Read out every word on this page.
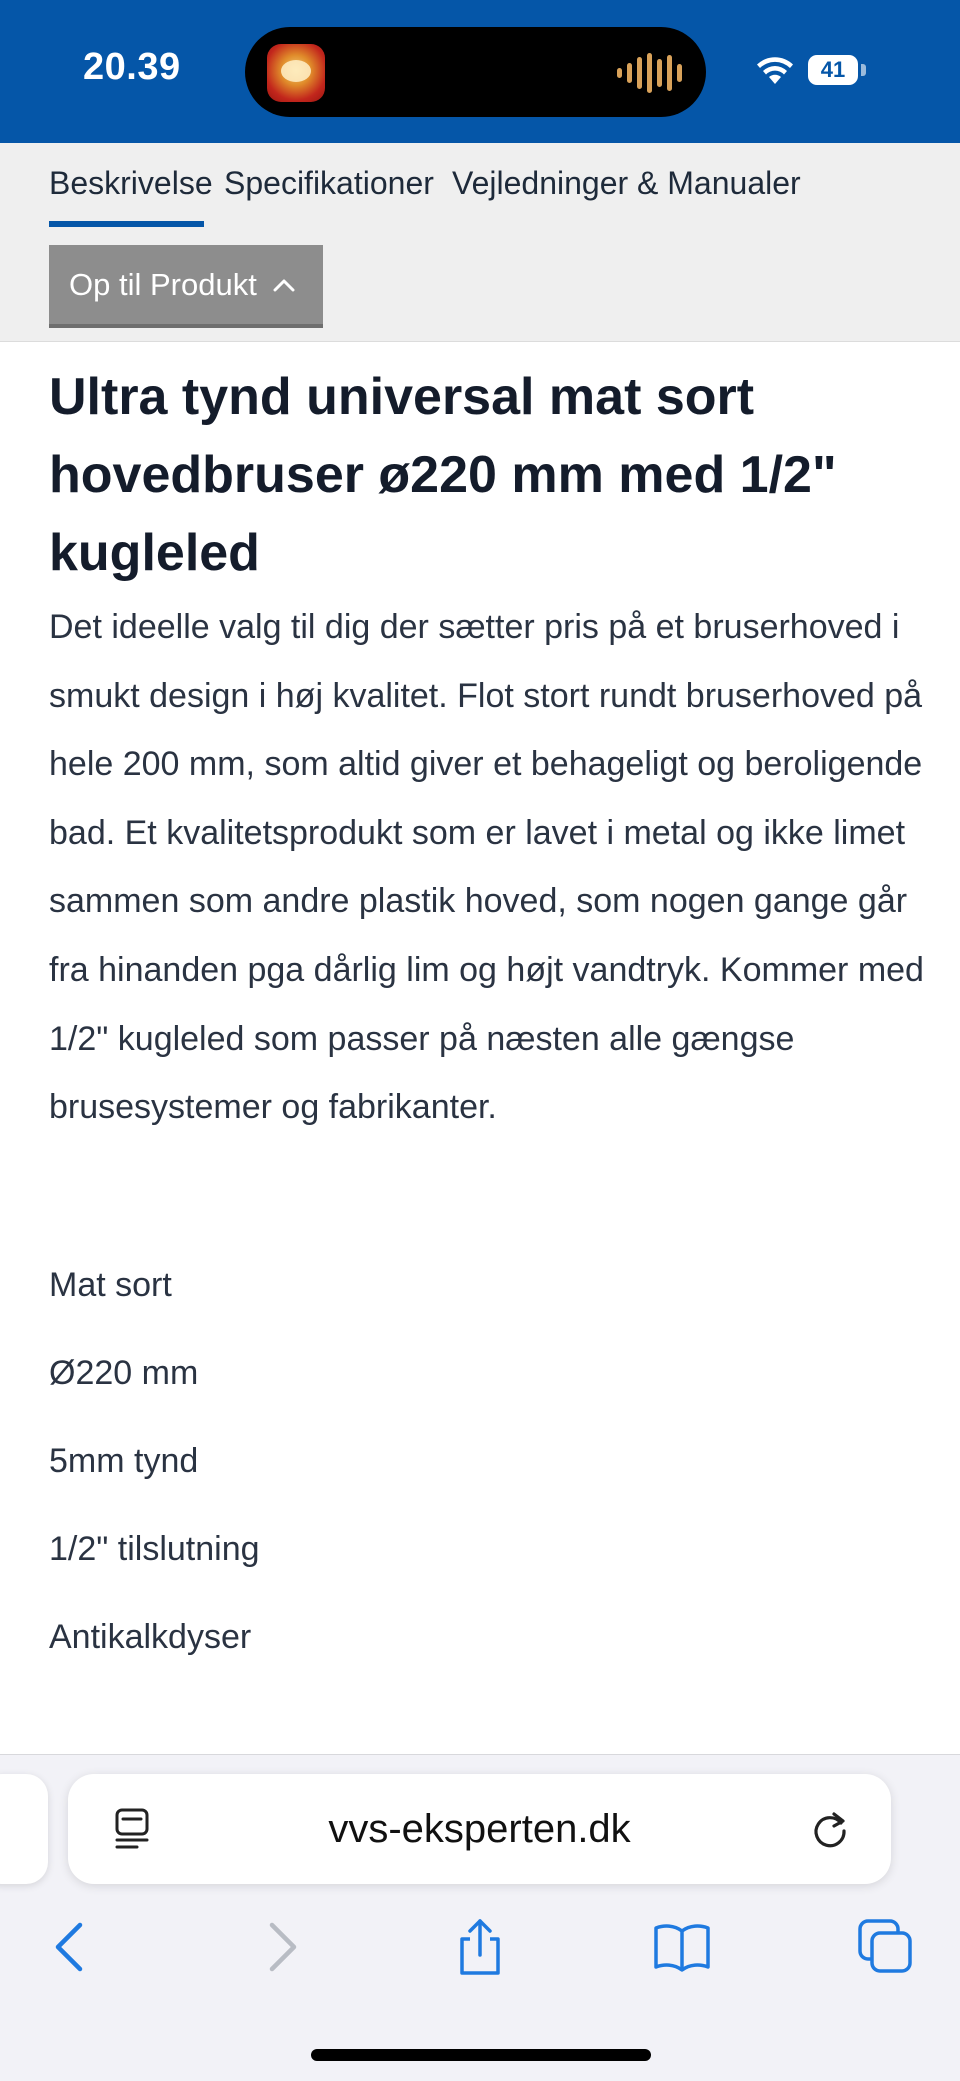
20.39	41
Beskrivelse Specifikationer Vejledninger & Manualer
Op til Produkt
Ultra tynd universal mat sort hovedbruser ø220 mm med 1/2" kugleled

Det ideelle valg til dig der sætter pris på et bruserhoved i smukt design i høj kvalitet. Flot stort rundt bruserhoved på hele 200 mm, som altid giver et behageligt og beroligende bad. Et kvalitetsprodukt som er lavet i metal og ikke limet sammen som andre plastik hoved, som nogen gange går fra hinanden pga dårlig lim og højt vandtryk. Kommer med 1/2" kugleled som passer på næsten alle gængse brusesystemer og fabrikanter.

Mat sort
Ø220 mm
5mm tynd
1/2" tilslutning
Antikalkdyser
vvs-eksperten.dk
